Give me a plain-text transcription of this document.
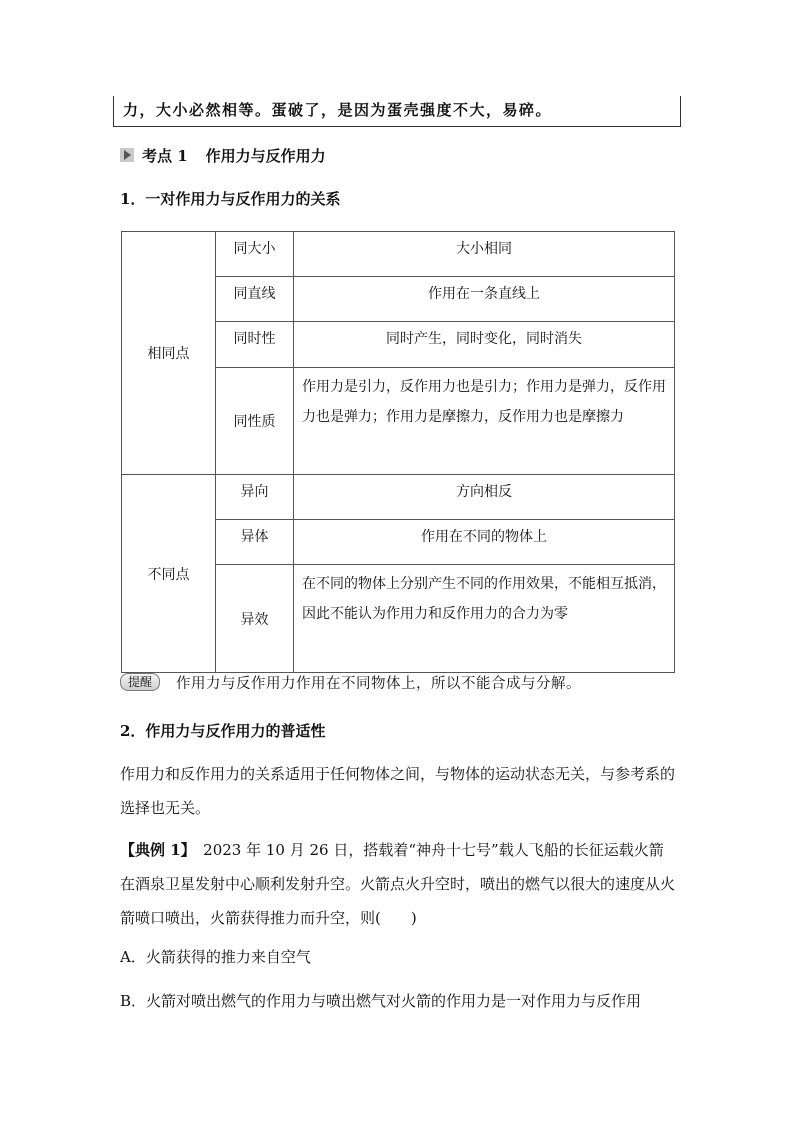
力，大小必然相等。蛋破了，是因为蛋壳强度不大，易碎。
考点 1 作用力与反作用力
1．一对作用力与反作用力的关系
相同点	同大小	大小相同
	同直线	作用在一条直线上
	同时性	同时产生，同时变化，同时消失
	同性质	作用力是引力，反作用力也是引力；作用力是弹力，反作用力也是弹力；作用力是摩擦力，反作用力也是摩擦力
不同点	异向	方向相反
	异体	作用在不同的物体上
	异效	在不同的物体上分别产生不同的作用效果，不能相互抵消，因此不能认为作用力和反作用力的合力为零
提醒	作用力与反作用力作用在不同物体上，所以不能合成与分解。
2．作用力与反作用力的普适性
作用力和反作用力的关系适用于任何物体之间，与物体的运动状态无关，与参考系的选择也无关。
【典例 1】　2023 年 10 月 26 日，搭载着“神舟十七号”载人飞船的长征运载火箭在酒泉卫星发射中心顺利发射升空。火箭点火升空时，喷出的燃气以很大的速度从火箭喷口喷出，火箭获得推力而升空，则(　　)
A．火箭获得的推力来自空气
B．火箭对喷出燃气的作用力与喷出燃气对火箭的作用力是一对作用力与反作用
